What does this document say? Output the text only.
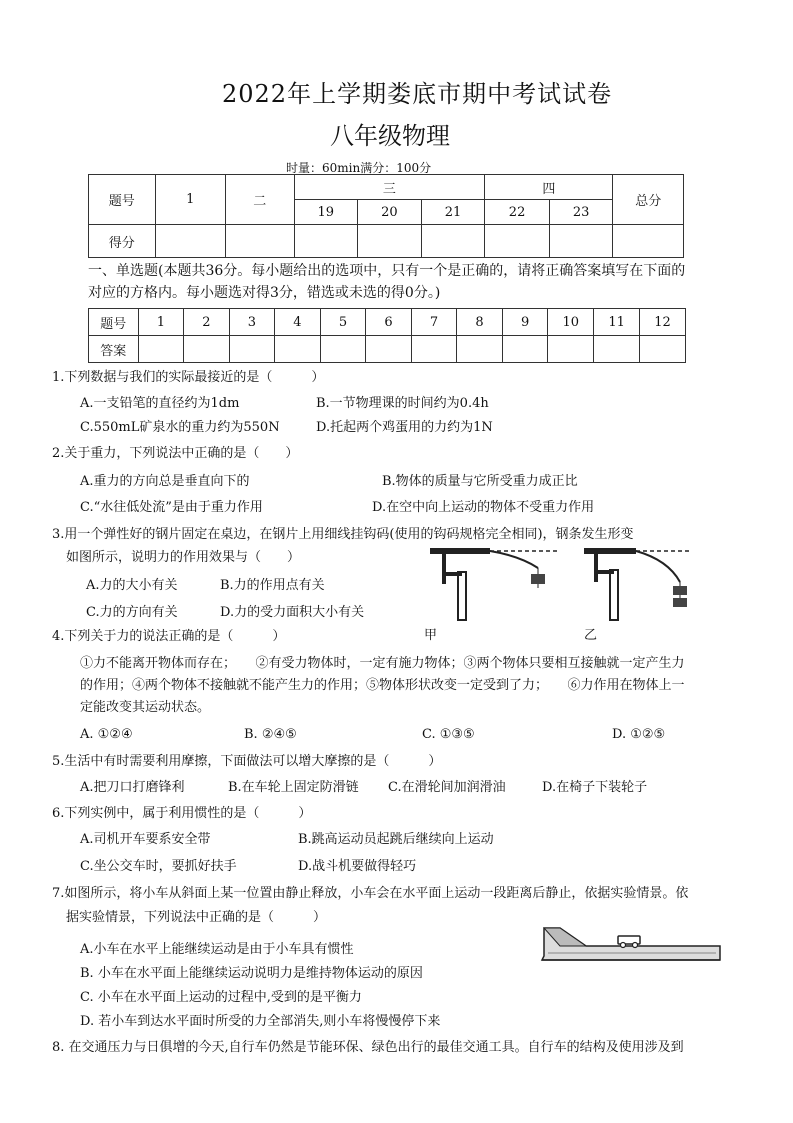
2022年上学期娄底市期中考试试卷
八年级物理
时量：60min满分：100分
题号	1	二	三			四		总分
			19	20	21	22	23	
得分								
一、单选题(本题共36分。每小题给出的选项中，只有一个是正确的，请将正确答案填写在下面的
对应的方格内。每小题选对得3分，错选或未选的得0分。)
题号	1	2	3	4	5	6	7	8	9	10	11	12
答案												
1.下列数据与我们的实际最接近的是（　　　）
A.一支铅笔的直径约为1dm	B.一节物理课的时间约为0.4h
C.550mL矿泉水的重力约为550N	D.托起两个鸡蛋用的力约为1N
2.关于重力，下列说法中正确的是（　　）
A.重力的方向总是垂直向下的	B.物体的质量与它所受重力成正比
C.“水往低处流”是由于重力作用	D.在空中向上运动的物体不受重力作用
3.用一个弹性好的钢片固定在桌边，在钢片上用细线挂钩码(使用的钩码规格完全相同)，钢条发生形变
如图所示，说明力的作用效果与（　　）
A.力的大小有关	B.力的作用点有关
C.力的方向有关	D.力的受力面积大小有关
甲	乙
4.下列关于力的说法正确的是（　　　）
①力不能离开物体而存在；　　②有受力物体时，一定有施力物体；③两个物体只要相互接触就一定产生力
的作用；④两个物体不接触就不能产生力的作用；⑤物体形状改变一定受到了力；　　⑥力作用在物体上一
定能改变其运动状态。
A. ①②④	B. ②④⑤	C. ①③⑤	D. ①②⑤
5.生活中有时需要利用摩擦，下面做法可以增大摩擦的是（　　　）
A.把刀口打磨锋利	B.在车轮上固定防滑链 C.在滑轮间加润滑油	D.在椅子下装轮子
6.下列实例中，属于利用惯性的是（　　　）
A.司机开车要系安全带	B.跳高运动员起跳后继续向上运动
C.坐公交车时，要抓好扶手	D.战斗机要做得轻巧
7.如图所示，将小车从斜面上某一位置由静止释放，小车会在水平面上运动一段距离后静止，依据实验情景。依
据实验情景，下列说法中正确的是（　　　）
A.小车在水平上能继续运动是由于小车具有惯性
B. 小车在水平面上能继续运动说明力是维持物体运动的原因
C. 小车在水平面上运动的过程中,受到的是平衡力
D. 若小车到达水平面时所受的力全部消失,则小车将慢慢停下来
8. 在交通压力与日俱增的今天,自行车仍然是节能环保、绿色出行的最佳交通工具。自行车的结构及使用涉及到
